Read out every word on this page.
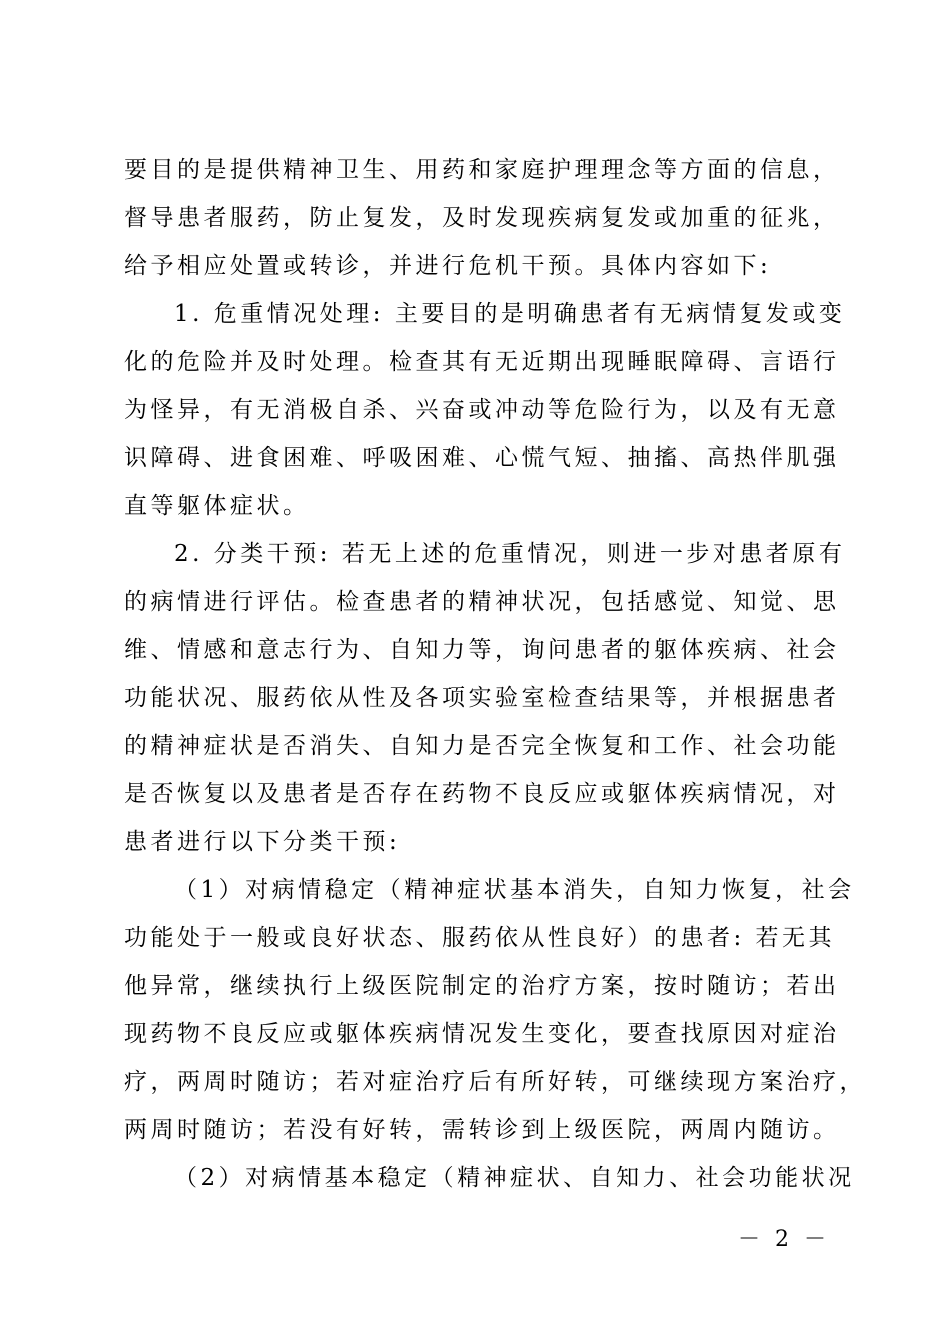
要目的是提供精神卫生、用药和家庭护理理念等方面的信息，
督导患者服药，防止复发，及时发现疾病复发或加重的征兆，
给予相应处置或转诊，并进行危机干预。具体内容如下:
1. 危重情况处理: 主要目的是明确患者有无病情复发或变
化的危险并及时处理。检查其有无近期出现睡眠障碍、言语行
为怪异，有无消极自杀、兴奋或冲动等危险行为，以及有无意
识障碍、进食困难、呼吸困难、心慌气短、抽搐、高热伴肌强
直等躯体症状。
2. 分类干预: 若无上述的危重情况，则进一步对患者原有
的病情进行评估。检查患者的精神状况，包括感觉、知觉、思
维、情感和意志行为、自知力等，询问患者的躯体疾病、社会
功能状况、服药依从性及各项实验室检查结果等，并根据患者
的精神症状是否消失、自知力是否完全恢复和工作、社会功能
是否恢复以及患者是否存在药物不良反应或躯体疾病情况，对
患者进行以下分类干预:
（1）对病情稳定（精神症状基本消失，自知力恢复，社会
功能处于一般或良好状态、服药依从性良好）的患者: 若无其
他异常，继续执行上级医院制定的治疗方案，按时随访；若出
现药物不良反应或躯体疾病情况发生变化，要查找原因对症治
疗，两周时随访；若对症治疗后有所好转，可继续现方案治疗，
两周时随访；若没有好转，需转诊到上级医院，两周内随访。
（2）对病情基本稳定（精神症状、自知力、社会功能状况
－ 2 －
